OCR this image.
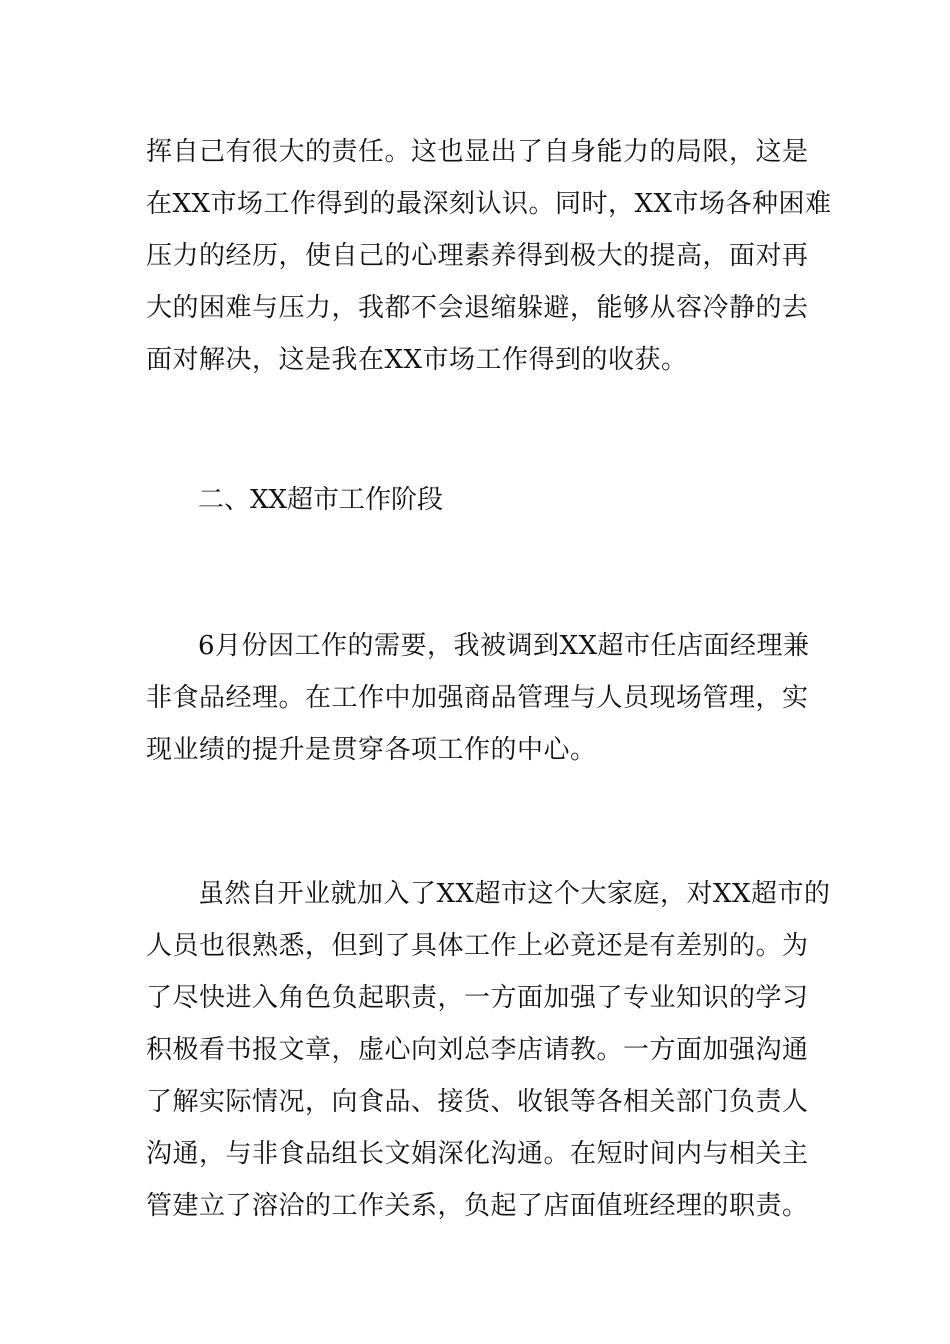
挥自己有很大的责任。这也显出了自身能力的局限，这是
在XX市场工作得到的最深刻认识。同时，XX市场各种困难
压力的经历，使自己的心理素养得到极大的提高，面对再
大的困难与压力，我都不会退缩躲避，能够从容冷静的去
面对解决，这是我在XX市场工作得到的收获。
二、XX超市工作阶段
6月份因工作的需要，我被调到XX超市任店面经理兼
非食品经理。在工作中加强商品管理与人员现场管理，实
现业绩的提升是贯穿各项工作的中心。
虽然自开业就加入了XX超市这个大家庭，对XX超市的
人员也很熟悉，但到了具体工作上必竟还是有差别的。为
了尽快进入角色负起职责，一方面加强了专业知识的学习
积极看书报文章，虚心向刘总李店请教。一方面加强沟通
了解实际情况，向食品、接货、收银等各相关部门负责人
沟通，与非食品组长文娟深化沟通。在短时间内与相关主
管建立了溶洽的工作关系，负起了店面值班经理的职责。
